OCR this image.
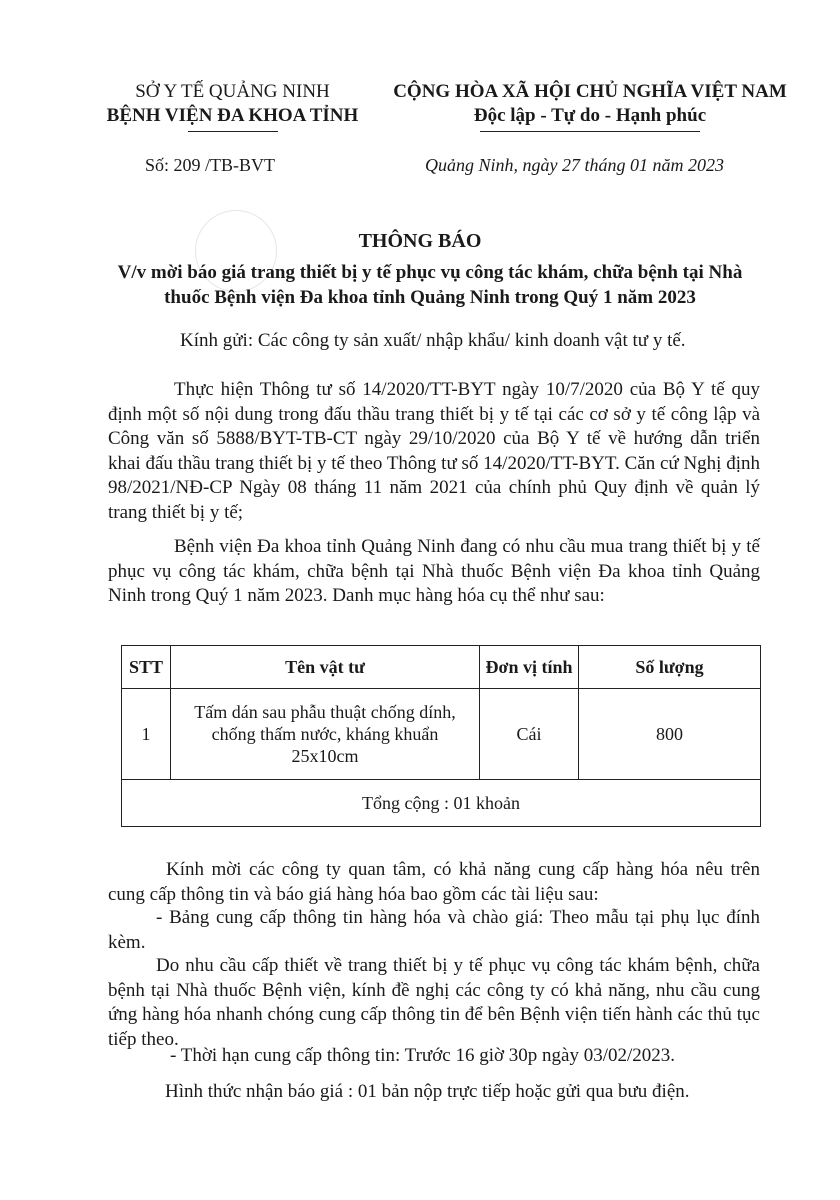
SỞ Y TẾ QUẢNG NINH
BỆNH VIỆN ĐA KHOA TỈNH
CỘNG HÒA XÃ HỘI CHỦ NGHĨA VIỆT NAM
Độc lập - Tự do - Hạnh phúc
Số: 209 /TB-BVT	Quảng Ninh, ngày 27 tháng 01 năm 2023
THÔNG BÁO
V/v mời báo giá trang thiết bị y tế phục vụ công tác khám, chữa bệnh tại Nhà thuốc Bệnh viện Đa khoa tỉnh Quảng Ninh trong Quý 1 năm 2023
Kính gửi: Các công ty sản xuất/ nhập khẩu/ kinh doanh vật tư y tế.
Thực hiện Thông tư số 14/2020/TT-BYT ngày 10/7/2020 của Bộ Y tế quy định một số nội dung trong đấu thầu trang thiết bị y tế tại các cơ sở y tế công lập và Công văn số 5888/BYT-TB-CT ngày 29/10/2020 của Bộ Y tế về hướng dẫn triển khai đấu thầu trang thiết bị y tế theo Thông tư số 14/2020/TT-BYT. Căn cứ Nghị định 98/2021/NĐ-CP Ngày 08 tháng 11 năm 2021 của chính phủ Quy định về quản lý trang thiết bị y tế;
Bệnh viện Đa khoa tỉnh Quảng Ninh đang có nhu cầu mua trang thiết bị y tế phục vụ công tác khám, chữa bệnh tại Nhà thuốc Bệnh viện Đa khoa tỉnh Quảng Ninh trong Quý 1 năm 2023. Danh mục hàng hóa cụ thể như sau:
STT	Tên vật tư	Đơn vị tính	Số lượng
1	Tấm dán sau phẫu thuật chống dính, chống thấm nước, kháng khuẩn 25x10cm	Cái	800
Tổng cộng : 01 khoản			
Kính mời các công ty quan tâm, có khả năng cung cấp hàng hóa nêu trên cung cấp thông tin và báo giá hàng hóa bao gồm các tài liệu sau:
- Bảng cung cấp thông tin hàng hóa và chào giá: Theo mẫu tại phụ lục đính kèm.
Do nhu cầu cấp thiết về trang thiết bị y tế phục vụ công tác khám bệnh, chữa bệnh tại Nhà thuốc Bệnh viện, kính đề nghị các công ty có khả năng, nhu cầu cung ứng hàng hóa nhanh chóng cung cấp thông tin để bên Bệnh viện tiến hành các thủ tục tiếp theo.
- Thời hạn cung cấp thông tin: Trước 16 giờ 30p ngày 03/02/2023.
Hình thức nhận báo giá : 01 bản nộp trực tiếp hoặc gửi qua bưu điện.
